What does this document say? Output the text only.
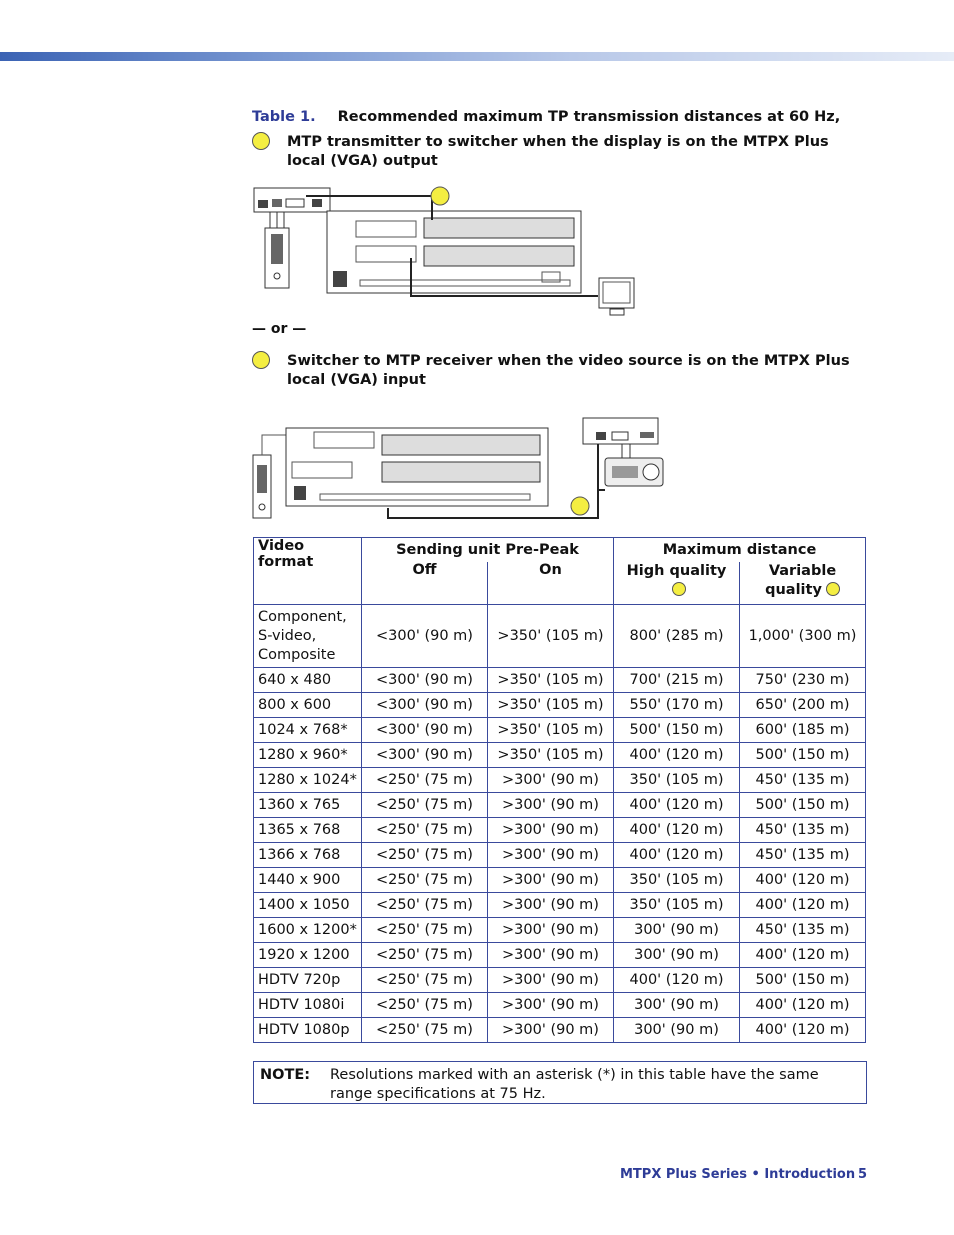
Table 1. Recommended maximum TP transmission distances at 60 Hz,
MTP transmitter to switcher when the display is on the MTPX Plus local (VGA) output
— or —
Switcher to MTP receiver when the video source is on the MTPX Plus local (VGA) input
Video format	Sending unit Pre-Peak		Maximum distance	
	Off	On	High quality	Variable quality
Component, S-video, Composite	<300' (90 m)	>350' (105 m)	800' (285 m)	1,000' (300 m)
640 x 480	<300' (90 m)	>350' (105 m)	700' (215 m)	750' (230 m)
800 x 600	<300' (90 m)	>350' (105 m)	550' (170 m)	650' (200 m)
1024 x 768*	<300' (90 m)	>350' (105 m)	500' (150 m)	600' (185 m)
1280 x 960*	<300' (90 m)	>350' (105 m)	400' (120 m)	500' (150 m)
1280 x 1024*	<250' (75 m)	>300' (90 m)	350' (105 m)	450' (135 m)
1360 x 765	<250' (75 m)	>300' (90 m)	400' (120 m)	500' (150 m)
1365 x 768	<250' (75 m)	>300' (90 m)	400' (120 m)	450' (135 m)
1366 x 768	<250' (75 m)	>300' (90 m)	400' (120 m)	450' (135 m)
1440 x 900	<250' (75 m)	>300' (90 m)	350' (105 m)	400' (120 m)
1400 x 1050	<250' (75 m)	>300' (90 m)	350' (105 m)	400' (120 m)
1600 x 1200*	<250' (75 m)	>300' (90 m)	300' (90 m)	450' (135 m)
1920 x 1200	<250' (75 m)	>300' (90 m)	300' (90 m)	400' (120 m)
HDTV 720p	<250' (75 m)	>300' (90 m)	400' (120 m)	500' (150 m)
HDTV 1080i	<250' (75 m)	>300' (90 m)	300' (90 m)	400' (120 m)
HDTV 1080p	<250' (75 m)	>300' (90 m)	300' (90 m)	400' (120 m)
NOTE: Resolutions marked with an asterisk (*) in this table have the same range specifications at 75 Hz.
MTPX Plus Series • Introduction 5
